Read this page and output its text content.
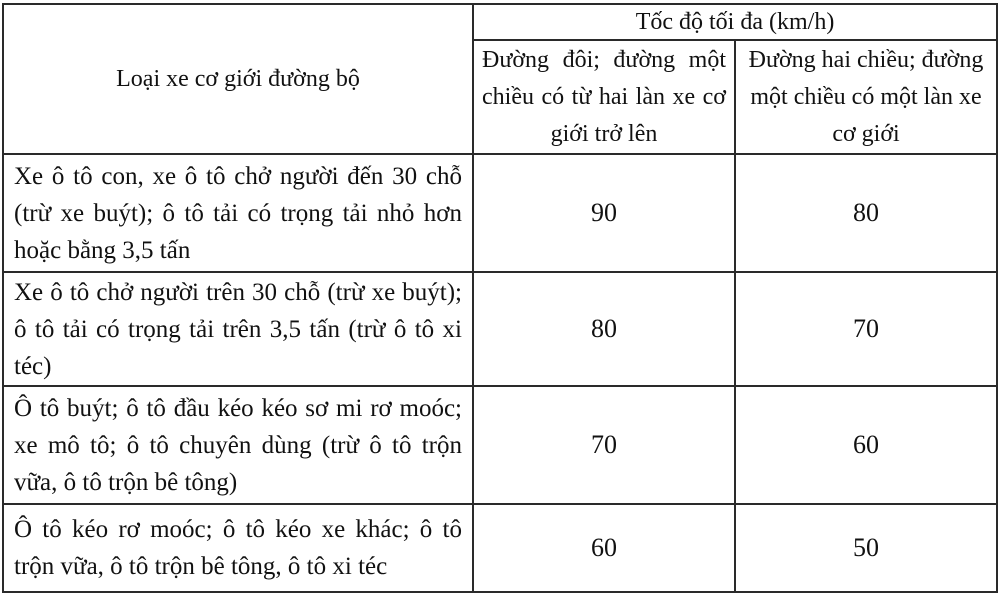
Loại xe cơ giới đường bộ	Tốc độ tối đa (km/h)	

	Đường đôi; đường một chiều có từ hai làn xe cơ giới trở lên	Đường hai chiều; đường một chiều có một làn xe cơ giới

Xe ô tô con, xe ô tô chở người đến 30 chỗ (trừ xe buýt); ô tô tải có trọng tải nhỏ hơn hoặc bằng 3,5 tấn	90	80

Xe ô tô chở người trên 30 chỗ (trừ xe buýt); ô tô tải có trọng tải trên 3,5 tấn (trừ ô tô xi téc)	80	70

Ô tô buýt; ô tô đầu kéo kéo sơ mi rơ moóc; xe mô tô; ô tô chuyên dùng (trừ ô tô trộn vữa, ô tô trộn bê tông)	70	60

Ô tô kéo rơ moóc; ô tô kéo xe khác; ô tô trộn vữa, ô tô trộn bê tông, ô tô xi téc	60	50
